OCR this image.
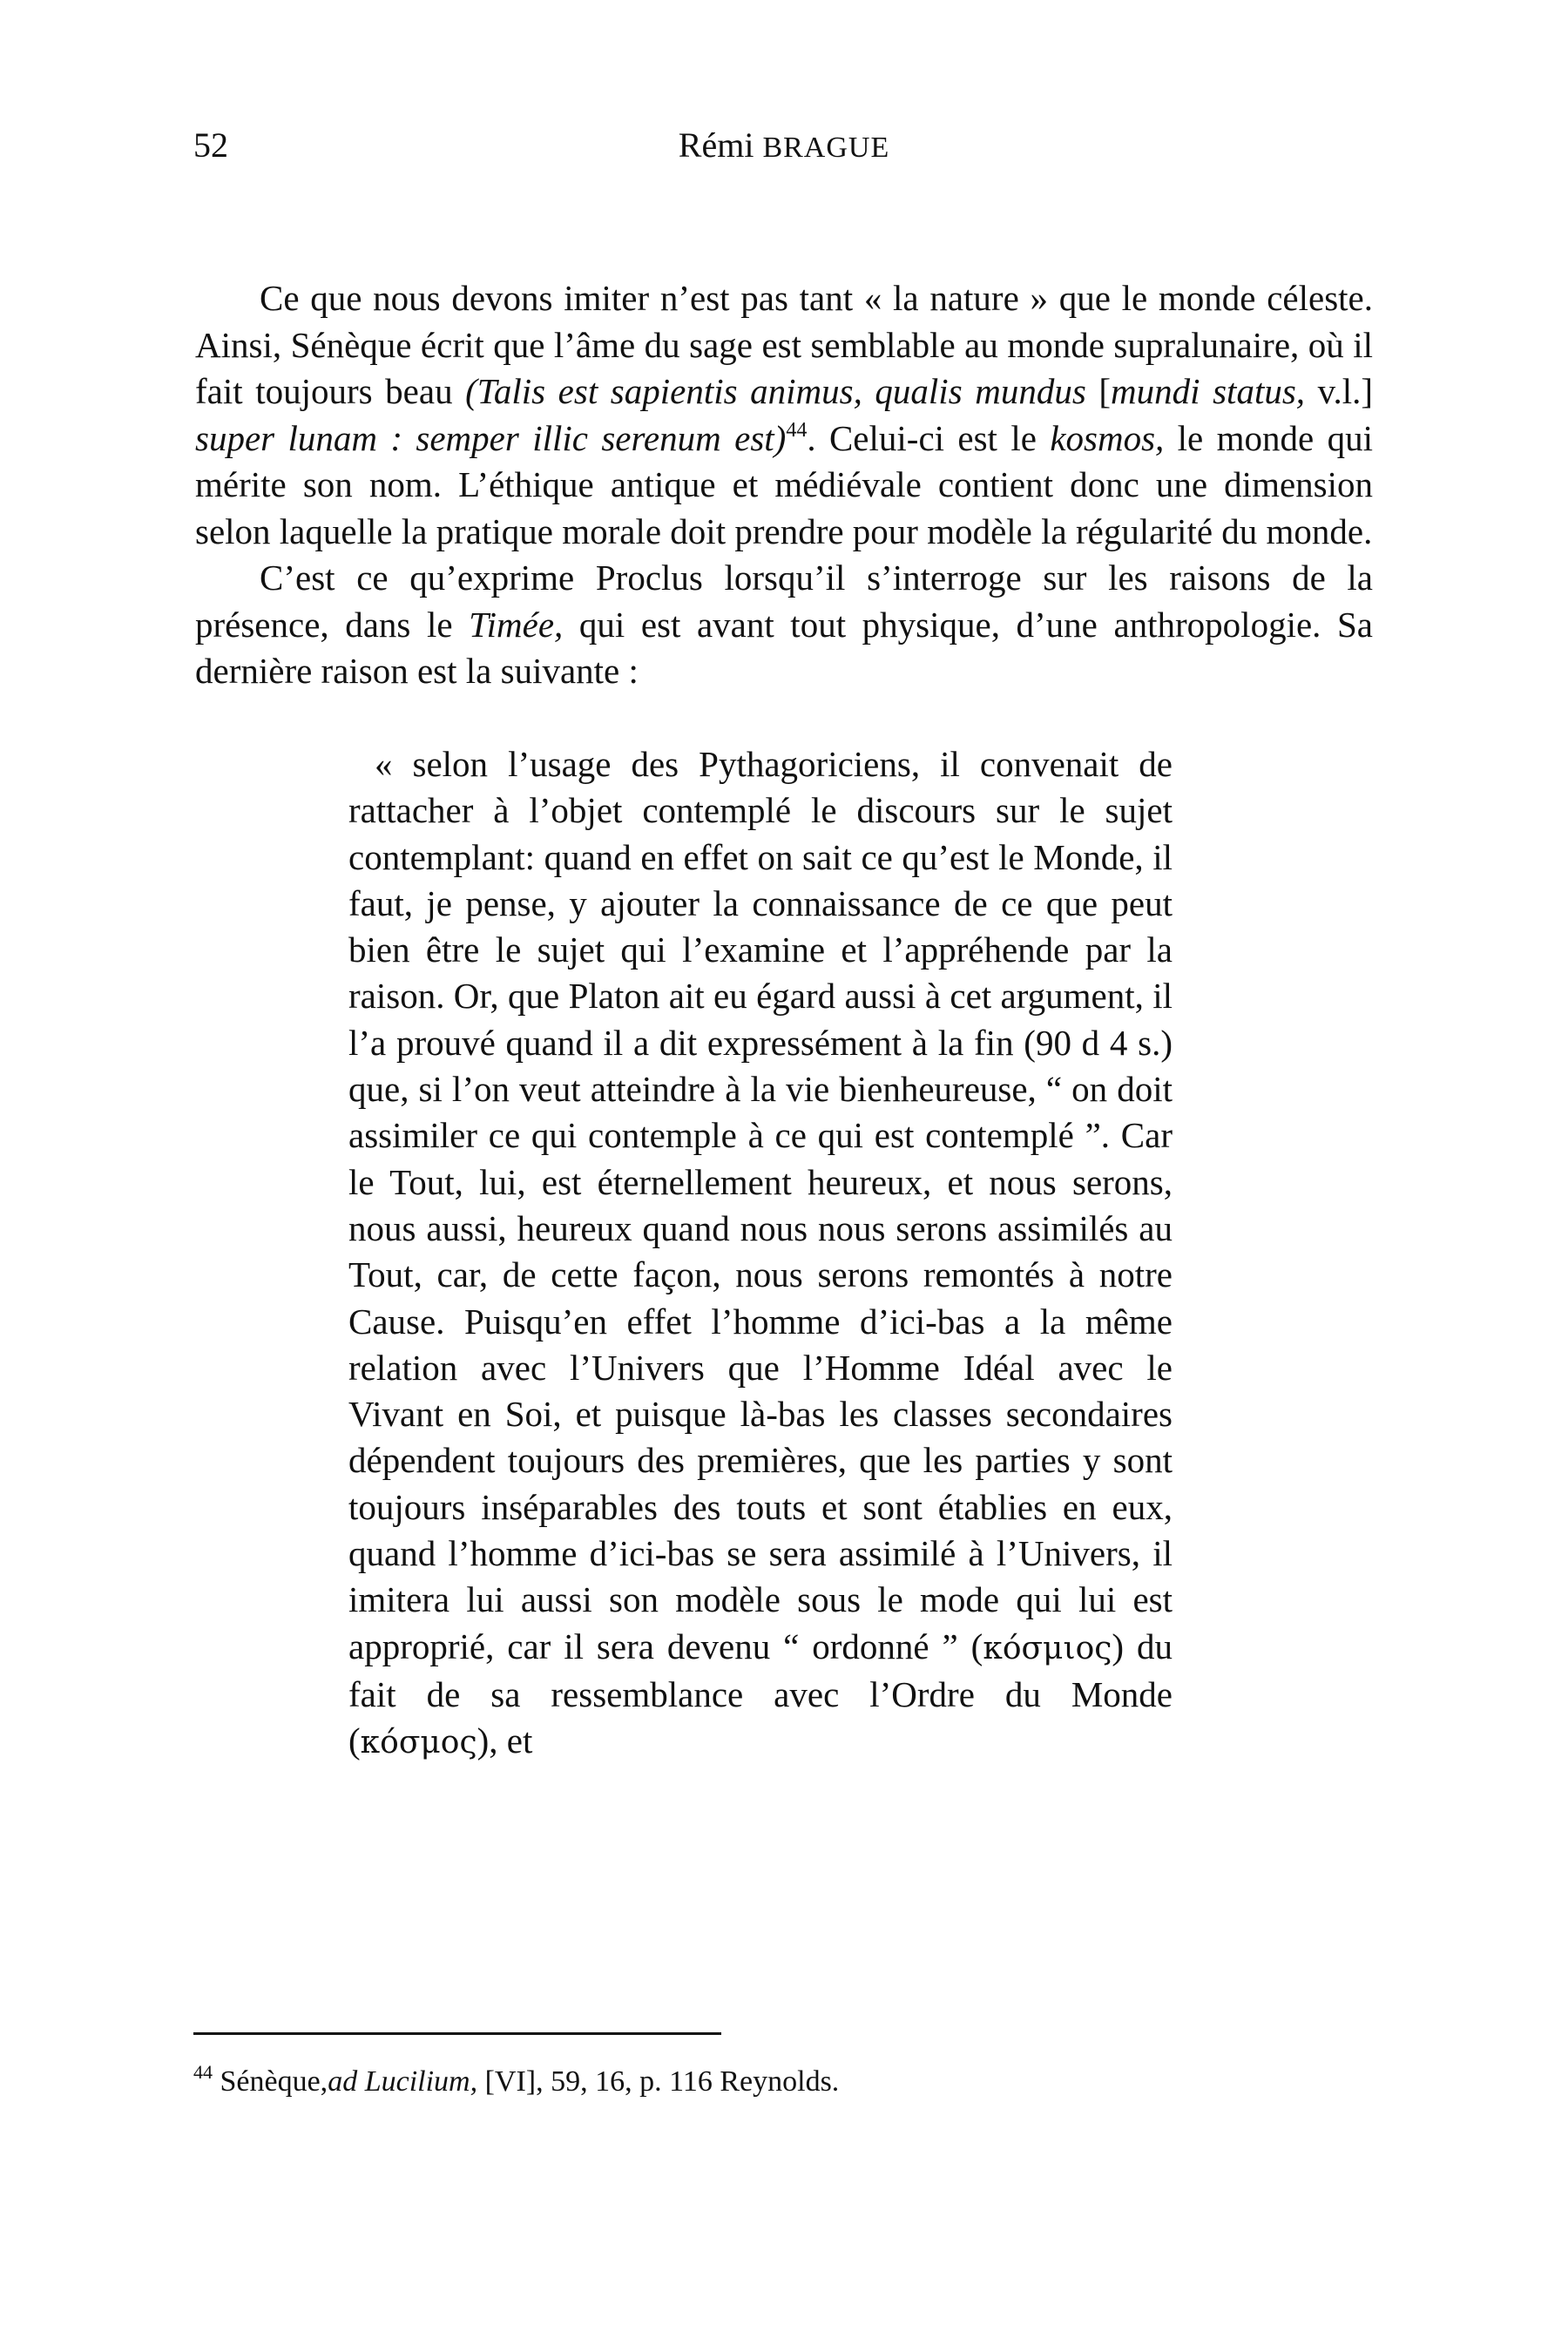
52	Rémi BRAGUE

Ce que nous devons imiter n’est pas tant « la nature » que le monde céleste. Ainsi, Sénèque écrit que l’âme du sage est semblable au monde supralunaire, où il fait toujours beau (Talis est sapientis animus, qualis mundus [mundi status, v.l.] super lunam : semper illic serenum est)$^{44}$. Celui-ci est le kosmos, le monde qui mérite son nom. L’éthique antique et médiévale contient donc une dimension selon laquelle la pratique morale doit prendre pour modèle la régularité du monde.

C’est ce qu’exprime Proclus lorsqu’il s’interroge sur les raisons de la présence, dans le Timée, qui est avant tout physique, d’une anthropologie. Sa dernière raison est la suivante :

« selon l’usage des Pythagoriciens, il convenait de rattacher à l’objet contemplé le discours sur le sujet contemplant: quand en effet on sait ce qu’est le Monde, il faut, je pense, y ajouter la connaissance de ce que peut bien être le sujet qui l’examine et l’appréhende par la raison. Or, que Platon ait eu égard aussi à cet argument, il l’a prouvé quand il a dit expressément à la fin (90 d 4 s.) que, si l’on veut atteindre à la vie bienheureuse, “ on doit assimiler ce qui contemple à ce qui est contemplé ”. Car le Tout, lui, est éternellement heureux, et nous serons, nous aussi, heureux quand nous nous serons assimilés au Tout, car, de cette façon, nous serons remontés à notre Cause. Puisqu’en effet l’homme d’ici-bas a la même relation avec l’Univers que l’Homme Idéal avec le Vivant en Soi, et puisque là-bas les classes secondaires dépendent toujours des premières, que les parties y sont toujours inséparables des touts et sont établies en eux, quand l’homme d’ici-bas se sera assimilé à l’Univers, il imitera lui aussi son modèle sous le mode qui lui est approprié, car il sera devenu “ ordonné ” (κόσμιος) du fait de sa ressemblance avec l’Ordre du Monde (κόσμος), et

$^{44}$ Sénèque,ad Lucilium, [VI], 59, 16, p. 116 Reynolds.
